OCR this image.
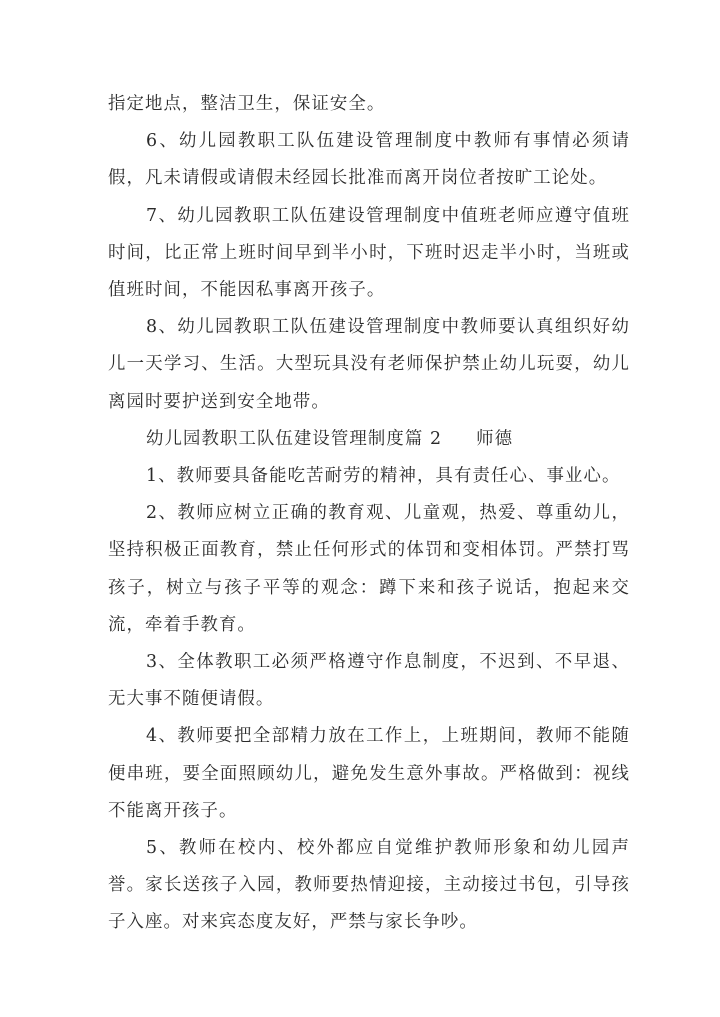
指定地点，整洁卫生，保证安全。

6、幼儿园教职工队伍建设管理制度中教师有事情必须请假，凡未请假或请假未经园长批准而离开岗位者按旷工论处。

7、幼儿园教职工队伍建设管理制度中值班老师应遵守值班时间，比正常上班时间早到半小时，下班时迟走半小时，当班或值班时间，不能因私事离开孩子。

8、幼儿园教职工队伍建设管理制度中教师要认真组织好幼儿一天学习、生活。大型玩具没有老师保护禁止幼儿玩耍，幼儿离园时要护送到安全地带。

幼儿园教职工队伍建设管理制度篇 2 师德

1、教师要具备能吃苦耐劳的精神，具有责任心、事业心。

2、教师应树立正确的教育观、儿童观，热爱、尊重幼儿，坚持积极正面教育，禁止任何形式的体罚和变相体罚。严禁打骂孩子，树立与孩子平等的观念：蹲下来和孩子说话，抱起来交流，牵着手教育。

3、全体教职工必须严格遵守作息制度，不迟到、不早退、无大事不随便请假。

4、教师要把全部精力放在工作上，上班期间，教师不能随便串班，要全面照顾幼儿，避免发生意外事故。严格做到：视线不能离开孩子。

5、教师在校内、校外都应自觉维护教师形象和幼儿园声誉。家长送孩子入园，教师要热情迎接，主动接过书包，引导孩子入座。对来宾态度友好，严禁与家长争吵。
